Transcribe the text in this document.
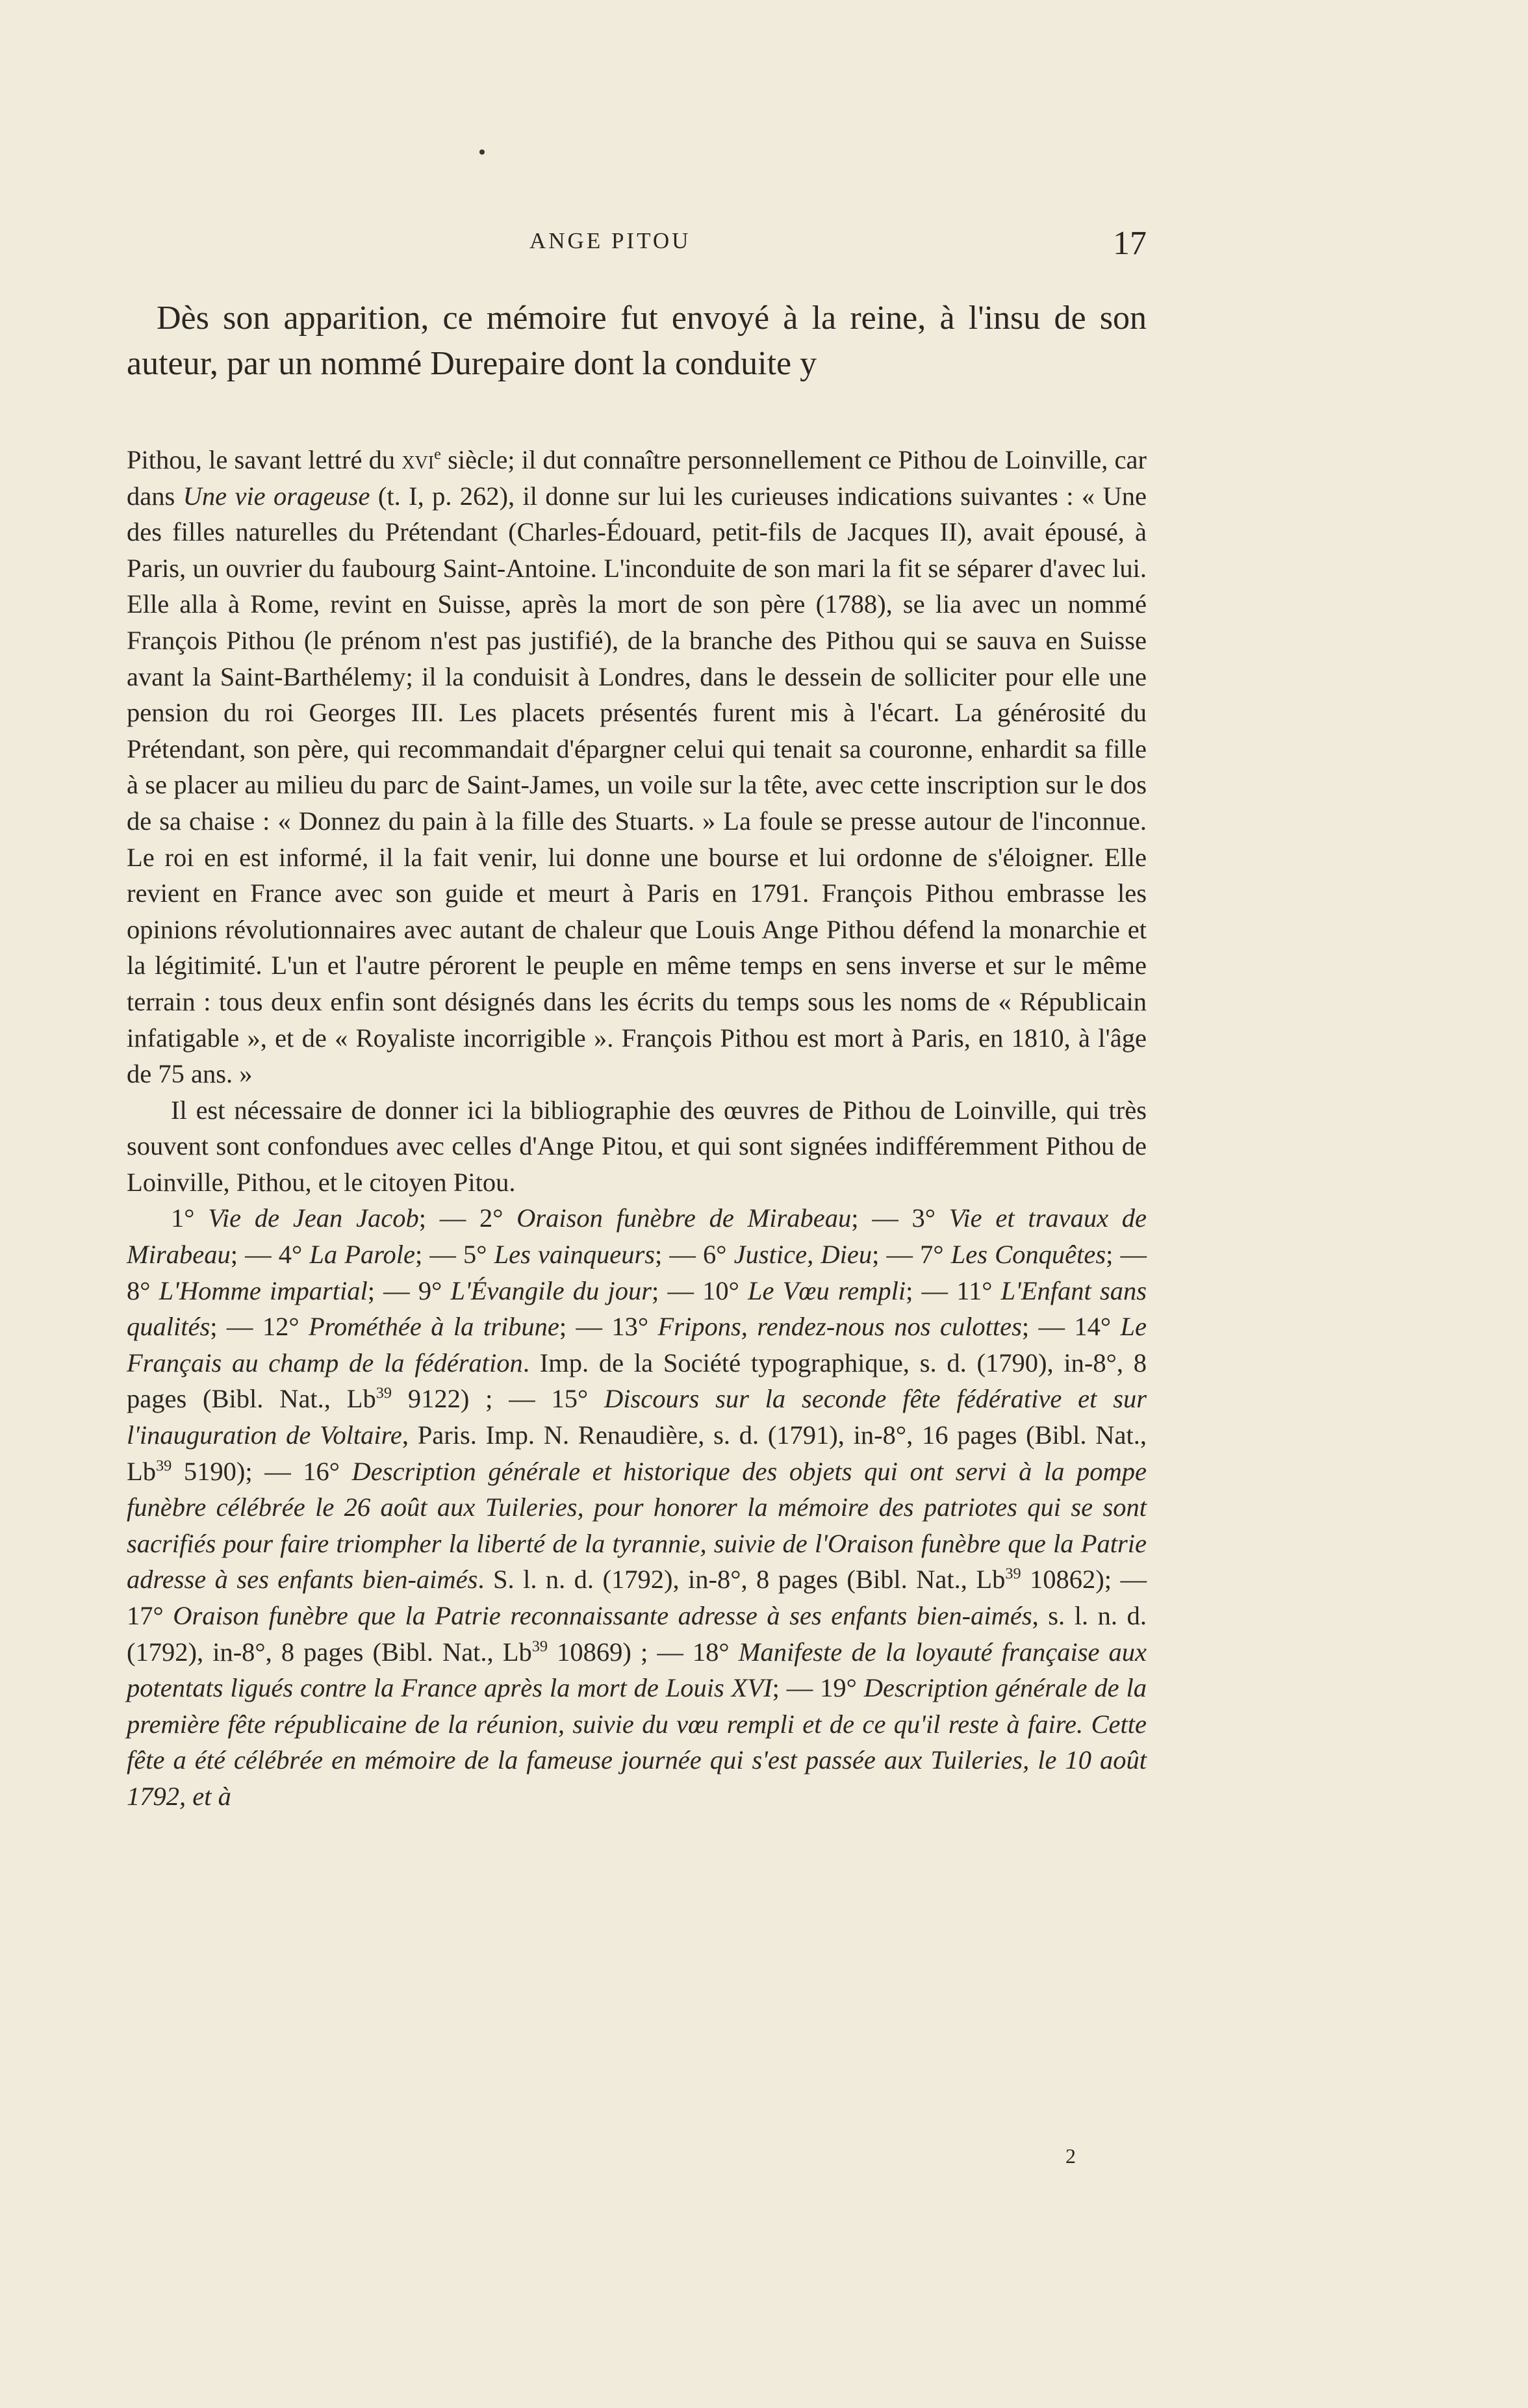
ANGE PITOU	17

Dès son apparition, ce mémoire fut envoyé à la reine, à l'insu de son auteur, par un nommé Durepaire dont la conduite y

Pithou, le savant lettré du xvi$^e$ siècle; il dut connaître personnellement ce Pithou de Loinville, car dans Une vie orageuse (t. I, p. 262), il donne sur lui les curieuses indications suivantes : « Une des filles naturelles du Prétendant (Charles-Édouard, petit-fils de Jacques II), avait épousé, à Paris, un ouvrier du faubourg Saint-Antoine. L'inconduite de son mari la fit se séparer d'avec lui. Elle alla à Rome, revint en Suisse, après la mort de son père (1788), se lia avec un nommé François Pithou (le prénom n'est pas justifié), de la branche des Pithou qui se sauva en Suisse avant la Saint-Barthélemy; il la conduisit à Londres, dans le dessein de solliciter pour elle une pension du roi Georges III. Les placets présentés furent mis à l'écart. La générosité du Prétendant, son père, qui recommandait d'épargner celui qui tenait sa couronne, enhardit sa fille à se placer au milieu du parc de Saint-James, un voile sur la tête, avec cette inscription sur le dos de sa chaise : « Donnez du pain à la fille des Stuarts. » La foule se presse autour de l'inconnue. Le roi en est informé, il la fait venir, lui donne une bourse et lui ordonne de s'éloigner. Elle revient en France avec son guide et meurt à Paris en 1791. François Pithou embrasse les opinions révolutionnaires avec autant de chaleur que Louis Ange Pithou défend la monarchie et la légitimité. L'un et l'autre pérorent le peuple en même temps en sens inverse et sur le même terrain : tous deux enfin sont désignés dans les écrits du temps sous les noms de « Républicain infatigable », et de « Royaliste incorrigible ». François Pithou est mort à Paris, en 1810, à l'âge de 75 ans. »

Il est nécessaire de donner ici la bibliographie des œuvres de Pithou de Loinville, qui très souvent sont confondues avec celles d'Ange Pitou, et qui sont signées indifféremment Pithou de Loinville, Pithou, et le citoyen Pitou.

1° Vie de Jean Jacob; — 2° Oraison funèbre de Mirabeau; — 3° Vie et travaux de Mirabeau; — 4° La Parole; — 5° Les vainqueurs; — 6° Justice, Dieu; — 7° Les Conquêtes; — 8° L'Homme impartial; — 9° L'Évangile du jour; — 10° Le Vœu rempli; — 11° L'Enfant sans qualités; — 12° Prométhée à la tribune; — 13° Fripons, rendez-nous nos culottes; — 14° Le Français au champ de la fédération. Imp. de la Société typographique, s. d. (1790), in-8°, 8 pages (Bibl. Nat., Lb$^{39}$ 9122) ; — 15° Discours sur la seconde fête fédérative et sur l'inauguration de Voltaire, Paris. Imp. N. Renaudière, s. d. (1791), in-8°, 16 pages (Bibl. Nat., Lb$^{39}$ 5190); — 16° Description générale et historique des objets qui ont servi à la pompe funèbre célébrée le 26 août aux Tuileries, pour honorer la mémoire des patriotes qui se sont sacrifiés pour faire triompher la liberté de la tyrannie, suivie de l'Oraison funèbre que la Patrie adresse à ses enfants bien-aimés. S. l. n. d. (1792), in-8°, 8 pages (Bibl. Nat., Lb$^{39}$ 10862); — 17° Oraison funèbre que la Patrie reconnaissante adresse à ses enfants bien-aimés, s. l. n. d. (1792), in-8°, 8 pages (Bibl. Nat., Lb$^{39}$ 10869) ; — 18° Manifeste de la loyauté française aux potentats ligués contre la France après la mort de Louis XVI; — 19° Description générale de la première fête républicaine de la réunion, suivie du vœu rempli et de ce qu'il reste à faire. Cette fête a été célébrée en mémoire de la fameuse journée qui s'est passée aux Tuileries, le 10 août 1792, et à

2
